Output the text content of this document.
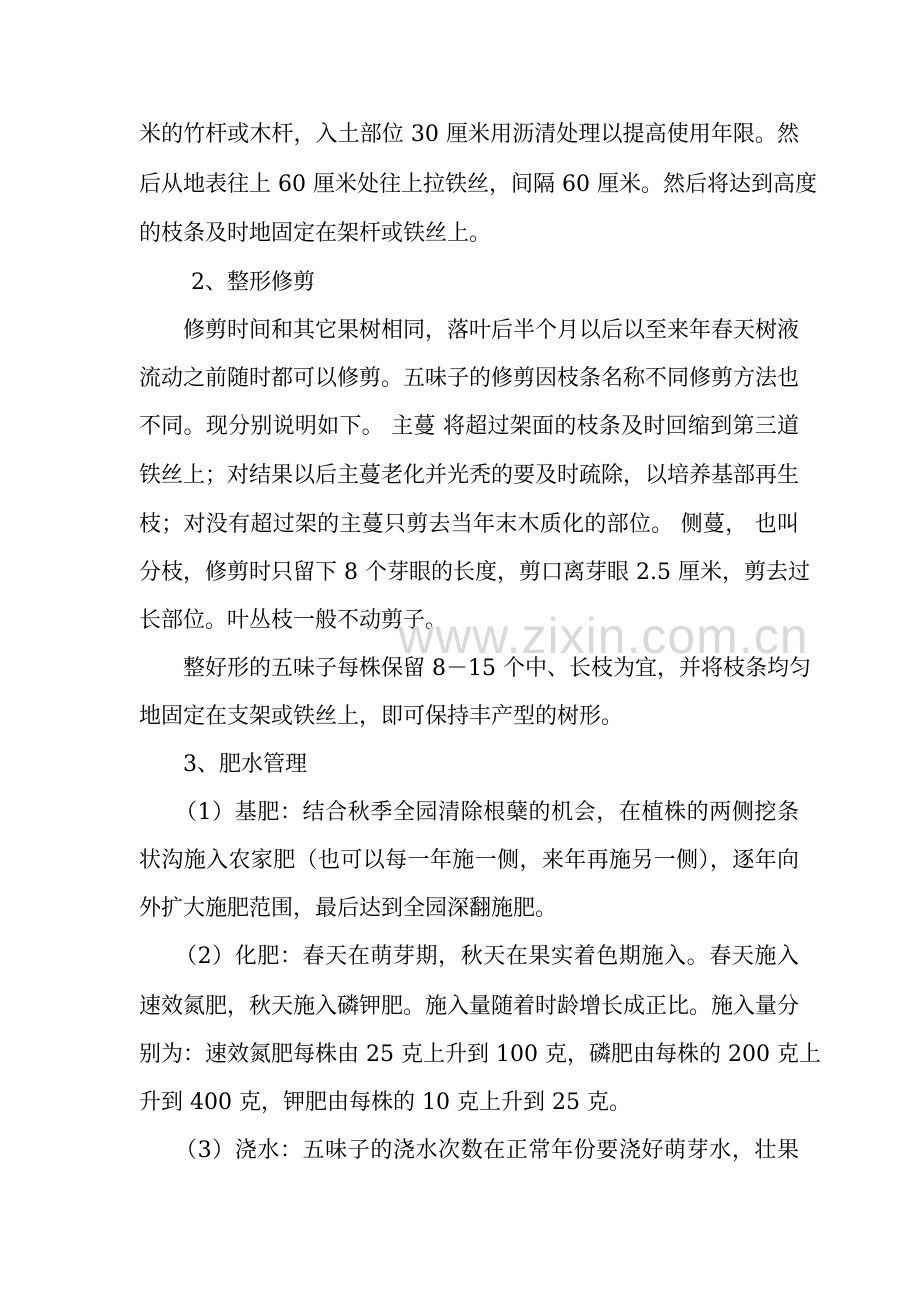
米的竹杆或木杆，入土部位 30 厘米用沥清处理以提高使用年限。然
后从地表往上 60 厘米处往上拉铁丝，间隔 60 厘米。然后将达到高度
的枝条及时地固定在架杆或铁丝上。
2、整形修剪
修剪时间和其它果树相同，落叶后半个月以后以至来年春天树液
流动之前随时都可以修剪。五味子的修剪因枝条名称不同修剪方法也
不同。现分别说明如下。 主蔓 将超过架面的枝条及时回缩到第三道
铁丝上；对结果以后主蔓老化并光秃的要及时疏除，以培养基部再生
枝；对没有超过架的主蔓只剪去当年末木质化的部位。 侧蔓， 也叫
分枝，修剪时只留下 8 个芽眼的长度，剪口离芽眼 2.5 厘米，剪去过
长部位。叶丛枝一般不动剪子。
整好形的五味子每株保留 8－15 个中、长枝为宜，并将枝条均匀
地固定在支架或铁丝上，即可保持丰产型的树形。
3、肥水管理
（1）基肥：结合秋季全园清除根蘖的机会，在植株的两侧挖条
状沟施入农家肥（也可以每一年施一侧，来年再施另一侧），逐年向
外扩大施肥范围，最后达到全园深翻施肥。
（2）化肥：春天在萌芽期，秋天在果实着色期施入。春天施入
速效氮肥，秋天施入磷钾肥。施入量随着时龄增长成正比。施入量分
别为：速效氮肥每株由 25 克上升到 100 克，磷肥由每株的 200 克上
升到 400 克，钾肥由每株的 10 克上升到 25 克。
（3）浇水：五味子的浇水次数在正常年份要浇好萌芽水，壮果
www.zixin.com.cn
